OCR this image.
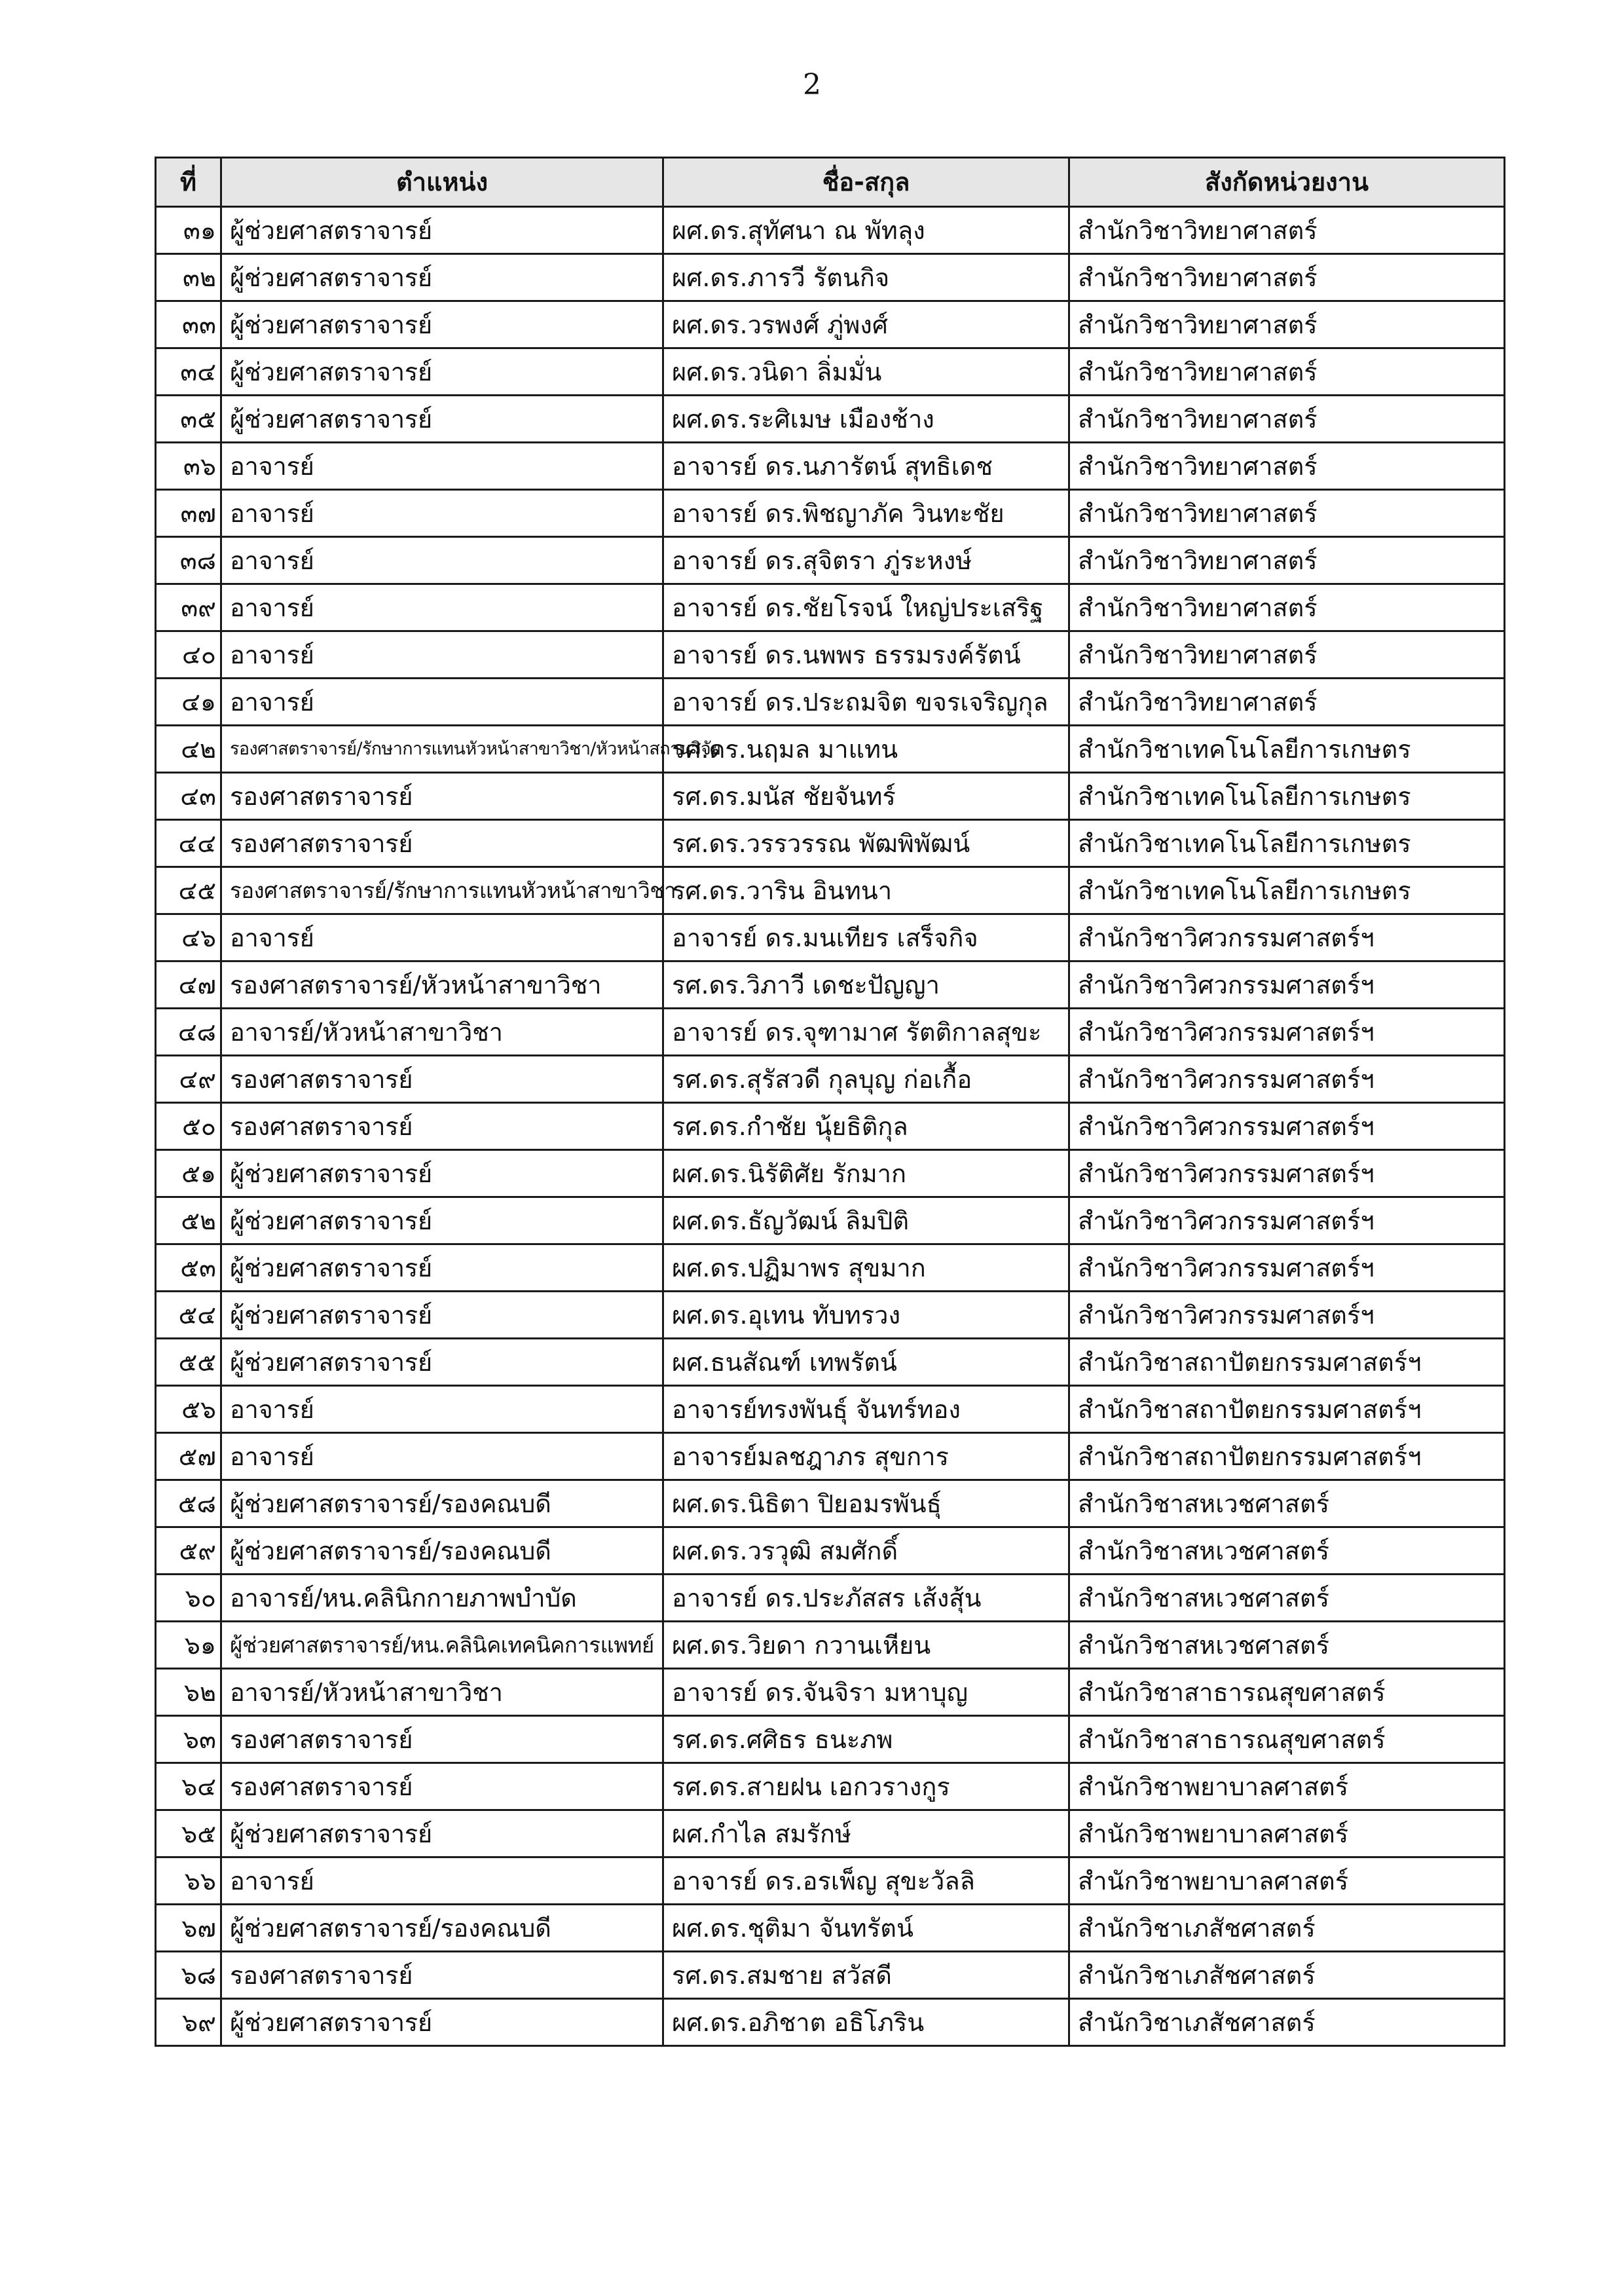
2
ที่	ตำแหน่ง	ชื่อ-สกุล	สังกัดหน่วยงาน
๓๑	ผู้ช่วยศาสตราจารย์	ผศ.ดร.สุทัศนา ณ พัทลุง	สำนักวิชาวิทยาศาสตร์
๓๒	ผู้ช่วยศาสตราจารย์	ผศ.ดร.ภารวี รัตนกิจ	สำนักวิชาวิทยาศาสตร์
๓๓	ผู้ช่วยศาสตราจารย์	ผศ.ดร.วรพงศ์ ภู่พงศ์	สำนักวิชาวิทยาศาสตร์
๓๔	ผู้ช่วยศาสตราจารย์	ผศ.ดร.วนิดา ลิ่มมั่น	สำนักวิชาวิทยาศาสตร์
๓๕	ผู้ช่วยศาสตราจารย์	ผศ.ดร.ระศิเมษ เมืองช้าง	สำนักวิชาวิทยาศาสตร์
๓๖	อาจารย์	อาจารย์ ดร.นภารัตน์ สุทธิเดช	สำนักวิชาวิทยาศาสตร์
๓๗	อาจารย์	อาจารย์ ดร.พิชญาภัค วินทะชัย	สำนักวิชาวิทยาศาสตร์
๓๘	อาจารย์	อาจารย์ ดร.สุจิตรา ภู่ระหงษ์	สำนักวิชาวิทยาศาสตร์
๓๙	อาจารย์	อาจารย์ ดร.ชัยโรจน์ ใหญ่ประเสริฐ	สำนักวิชาวิทยาศาสตร์
๔๐	อาจารย์	อาจารย์ ดร.นพพร ธรรมรงค์รัตน์	สำนักวิชาวิทยาศาสตร์
๔๑	อาจารย์	อาจารย์ ดร.ประถมจิต ขจรเจริญกุล	สำนักวิชาวิทยาศาสตร์
๔๒	รองศาสตราจารย์/รักษาการแทนหัวหน้าสาขาวิชา/หัวหน้าสถานวิจัย	รศ.ดร.นฤมล มาแทน	สำนักวิชาเทคโนโลยีการเกษตร
๔๓	รองศาสตราจารย์	รศ.ดร.มนัส ชัยจันทร์	สำนักวิชาเทคโนโลยีการเกษตร
๔๔	รองศาสตราจารย์	รศ.ดร.วรรวรรณ พัฒพิพัฒน์	สำนักวิชาเทคโนโลยีการเกษตร
๔๕	รองศาสตราจารย์/รักษาการแทนหัวหน้าสาขาวิชา	รศ.ดร.วาริน อินทนา	สำนักวิชาเทคโนโลยีการเกษตร
๔๖	อาจารย์	อาจารย์ ดร.มนเทียร เสร็จกิจ	สำนักวิชาวิศวกรรมศาสตร์ฯ
๔๗	รองศาสตราจารย์/หัวหน้าสาขาวิชา	รศ.ดร.วิภาวี เดชะปัญญา	สำนักวิชาวิศวกรรมศาสตร์ฯ
๔๘	อาจารย์/หัวหน้าสาขาวิชา	อาจารย์ ดร.จุฑามาศ รัตติกาลสุขะ	สำนักวิชาวิศวกรรมศาสตร์ฯ
๔๙	รองศาสตราจารย์	รศ.ดร.สุรัสวดี กุลบุญ ก่อเกื้อ	สำนักวิชาวิศวกรรมศาสตร์ฯ
๕๐	รองศาสตราจารย์	รศ.ดร.กำชัย นุ้ยธิติกุล	สำนักวิชาวิศวกรรมศาสตร์ฯ
๕๑	ผู้ช่วยศาสตราจารย์	ผศ.ดร.นิรัติศัย รักมาก	สำนักวิชาวิศวกรรมศาสตร์ฯ
๕๒	ผู้ช่วยศาสตราจารย์	ผศ.ดร.ธัญวัฒน์ ลิมปิติ	สำนักวิชาวิศวกรรมศาสตร์ฯ
๕๓	ผู้ช่วยศาสตราจารย์	ผศ.ดร.ปฏิมาพร สุขมาก	สำนักวิชาวิศวกรรมศาสตร์ฯ
๕๔	ผู้ช่วยศาสตราจารย์	ผศ.ดร.อุเทน ทับทรวง	สำนักวิชาวิศวกรรมศาสตร์ฯ
๕๕	ผู้ช่วยศาสตราจารย์	ผศ.ธนสัณฑ์ เทพรัตน์	สำนักวิชาสถาปัตยกรรมศาสตร์ฯ
๕๖	อาจารย์	อาจารย์ทรงพันธุ์ จันทร์ทอง	สำนักวิชาสถาปัตยกรรมศาสตร์ฯ
๕๗	อาจารย์	อาจารย์มลชฎาภร สุขการ	สำนักวิชาสถาปัตยกรรมศาสตร์ฯ
๕๘	ผู้ช่วยศาสตราจารย์/รองคณบดี	ผศ.ดร.นิธิตา ปิยอมรพันธุ์	สำนักวิชาสหเวชศาสตร์
๕๙	ผู้ช่วยศาสตราจารย์/รองคณบดี	ผศ.ดร.วรวุฒิ สมศักดิ์	สำนักวิชาสหเวชศาสตร์
๖๐	อาจารย์/หน.คลินิกกายภาพบำบัด	อาจารย์ ดร.ประภัสสร เส้งสุ้น	สำนักวิชาสหเวชศาสตร์
๖๑	ผู้ช่วยศาสตราจารย์/หน.คลินิคเทคนิคการแพทย์	ผศ.ดร.วิยดา กวานเหียน	สำนักวิชาสหเวชศาสตร์
๖๒	อาจารย์/หัวหน้าสาขาวิชา	อาจารย์ ดร.จันจิรา มหาบุญ	สำนักวิชาสาธารณสุขศาสตร์
๖๓	รองศาสตราจารย์	รศ.ดร.ศศิธร ธนะภพ	สำนักวิชาสาธารณสุขศาสตร์
๖๔	รองศาสตราจารย์	รศ.ดร.สายฝน เอกวรางกูร	สำนักวิชาพยาบาลศาสตร์
๖๕	ผู้ช่วยศาสตราจารย์	ผศ.กำไล สมรักษ์	สำนักวิชาพยาบาลศาสตร์
๖๖	อาจารย์	อาจารย์ ดร.อรเพ็ญ สุขะวัลลิ	สำนักวิชาพยาบาลศาสตร์
๖๗	ผู้ช่วยศาสตราจารย์/รองคณบดี	ผศ.ดร.ชุติมา จันทรัตน์	สำนักวิชาเภสัชศาสตร์
๖๘	รองศาสตราจารย์	รศ.ดร.สมชาย สวัสดี	สำนักวิชาเภสัชศาสตร์
๖๙	ผู้ช่วยศาสตราจารย์	ผศ.ดร.อภิชาต อธิโภริน	สำนักวิชาเภสัชศาสตร์
